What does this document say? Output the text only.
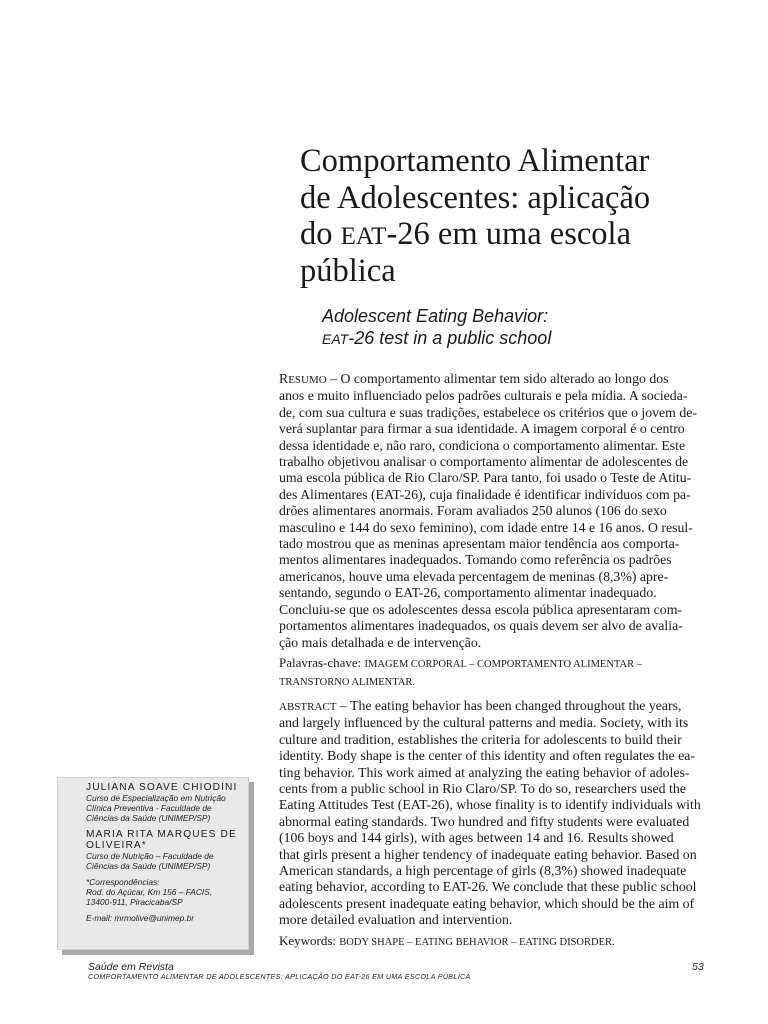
Comportamento Alimentar
de Adolescentes: aplicação
do EAT-26 em uma escola
pública
Adolescent Eating Behavior:
EAT-26 test in a public school
RESUMO – O comportamento alimentar tem sido alterado ao longo dos
anos e muito influenciado pelos padrões culturais e pela mídia. A socieda-
de, com sua cultura e suas tradições, estabelece os critérios que o jovem de-
verá suplantar para firmar a sua identidade. A imagem corporal é o centro
dessa identidade e, não raro, condiciona o comportamento alimentar. Este
trabalho objetivou analisar o comportamento alimentar de adolescentes de
uma escola pública de Rio Claro/SP. Para tanto, foi usado o Teste de Atitu-
des Alimentares (EAT-26), cuja finalidade é identificar indivíduos com pa-
drões alimentares anormais. Foram avaliados 250 alunos (106 do sexo
masculino e 144 do sexo feminino), com idade entre 14 e 16 anos. O resul-
tado mostrou que as meninas apresentam maior tendência aos comporta-
mentos alimentares inadequados. Tomando como referência os padrões
americanos, houve uma elevada percentagem de meninas (8,3%) apre-
sentando, segundo o EAT-26, comportamento alimentar inadequado.
Concluiu-se que os adolescentes dessa escola pública apresentaram com-
portamentos alimentares inadequados, os quais devem ser alvo de avalia-
ção mais detalhada e de intervenção.
Palavras-chave: IMAGEM CORPORAL – COMPORTAMENTO ALIMENTAR –
TRANSTORNO ALIMENTAR.
ABSTRACT – The eating behavior has been changed throughout the years,
and largely influenced by the cultural patterns and media. Society, with its
culture and tradition, establishes the criteria for adolescents to build their
identity. Body shape is the center of this identity and often regulates the ea-
ting behavior. This work aimed at analyzing the eating behavior of adoles-
cents from a public school in Rio Claro/SP. To do so, researchers used the
Eating Attitudes Test (EAT-26), whose finality is to identify individuals with
abnormal eating standards. Two hundred and fifty students were evaluated
(106 boys and 144 girls), with ages between 14 and 16. Results showed
that girls present a higher tendency of inadequate eating behavior. Based on
American standards, a high percentage of girls (8,3%) showed inadequate
eating behavior, according to EAT-26. We conclude that these public school
adolescents present inadequate eating behavior, which should be the aim of
more detailed evaluation and intervention.
Keywords: BODY SHAPE – EATING BEHAVIOR – EATING DISORDER.
JULIANA SOAVE CHIODINI
Curso de Especialização em Nutrição
Clínica Preventiva - Faculdade de
Ciências da Saúde (UNIMEP/SP)
MARIA RITA MARQUES DE
OLIVEIRA*
Curso de Nutrição – Faculdade de
Ciências da Saúde (UNIMEP/SP)
*Correspondências:
Rod. do Açúcar, Km 156 – FACIS,
13400-911, Piracicaba/SP
E-mail: mrmolive@unimep.br
Saúde em Revista	53
COMPORTAMENTO ALIMENTAR DE ADOLESCENTES: APLICAÇÃO DO EAT-26 EM UMA ESCOLA PÚBLICA
